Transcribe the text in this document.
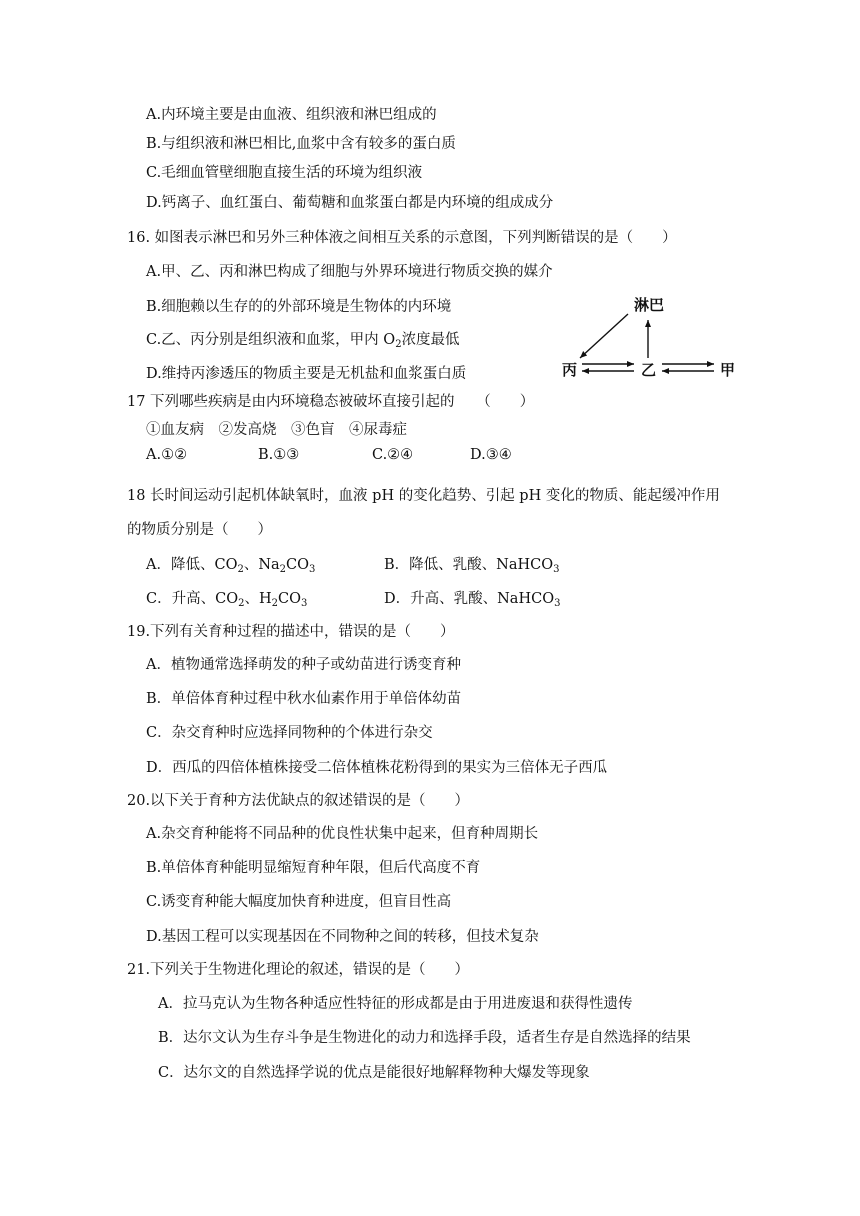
A.内环境主要是由血液、组织液和淋巴组成的
B.与组织液和淋巴相比,血浆中含有较多的蛋白质
C.毛细血管壁细胞直接生活的环境为组织液
D.钙离子、血红蛋白、葡萄糖和血浆蛋白都是内环境的组成成分
16. 如图表示淋巴和另外三种体液之间相互关系的示意图，下列判断错误的是（　　）
A.甲、乙、丙和淋巴构成了细胞与外界环境进行物质交换的媒介
B.细胞赖以生存的的外部环境是生物体的内环境
C.乙、丙分别是组织液和血浆，甲内 $O_2$浓度最低
D.维持丙渗透压的物质主要是无机盐和血浆蛋白质
淋巴
丙	乙	甲
17 下列哪些疾病是由内环境稳态被破坏直接引起的　　（　　）
①血友病　②发高烧　③色盲　④尿毒症
A.①②	B.①③	C.②④	D.③④
18 长时间运动引起机体缺氧时，血液 pH 的变化趋势、引起 pH 变化的物质、能起缓冲作用
的物质分别是（　　）
A．降低、$CO_2$、$Na_2CO_3$	B．降低、乳酸、NaHCO$_3$
C．升高、$CO_2$、$H_2CO_3$	D．升高、乳酸、NaHCO$_3$
19.下列有关育种过程的描述中，错误的是（　　）
A．植物通常选择萌发的种子或幼苗进行诱变育种
B．单倍体育种过程中秋水仙素作用于单倍体幼苗
C．杂交育种时应选择同物种的个体进行杂交
D．西瓜的四倍体植株接受二倍体植株花粉得到的果实为三倍体无子西瓜
20.以下关于育种方法优缺点的叙述错误的是（　　）
A.杂交育种能将不同品种的优良性状集中起来，但育种周期长
B.单倍体育种能明显缩短育种年限，但后代高度不育
C.诱变育种能大幅度加快育种进度，但盲目性高
D.基因工程可以实现基因在不同物种之间的转移，但技术复杂
21.下列关于生物进化理论的叙述，错误的是（　　）
A．拉马克认为生物各种适应性特征的形成都是由于用进废退和获得性遗传
B．达尔文认为生存斗争是生物进化的动力和选择手段，适者生存是自然选择的结果
C．达尔文的自然选择学说的优点是能很好地解释物种大爆发等现象
